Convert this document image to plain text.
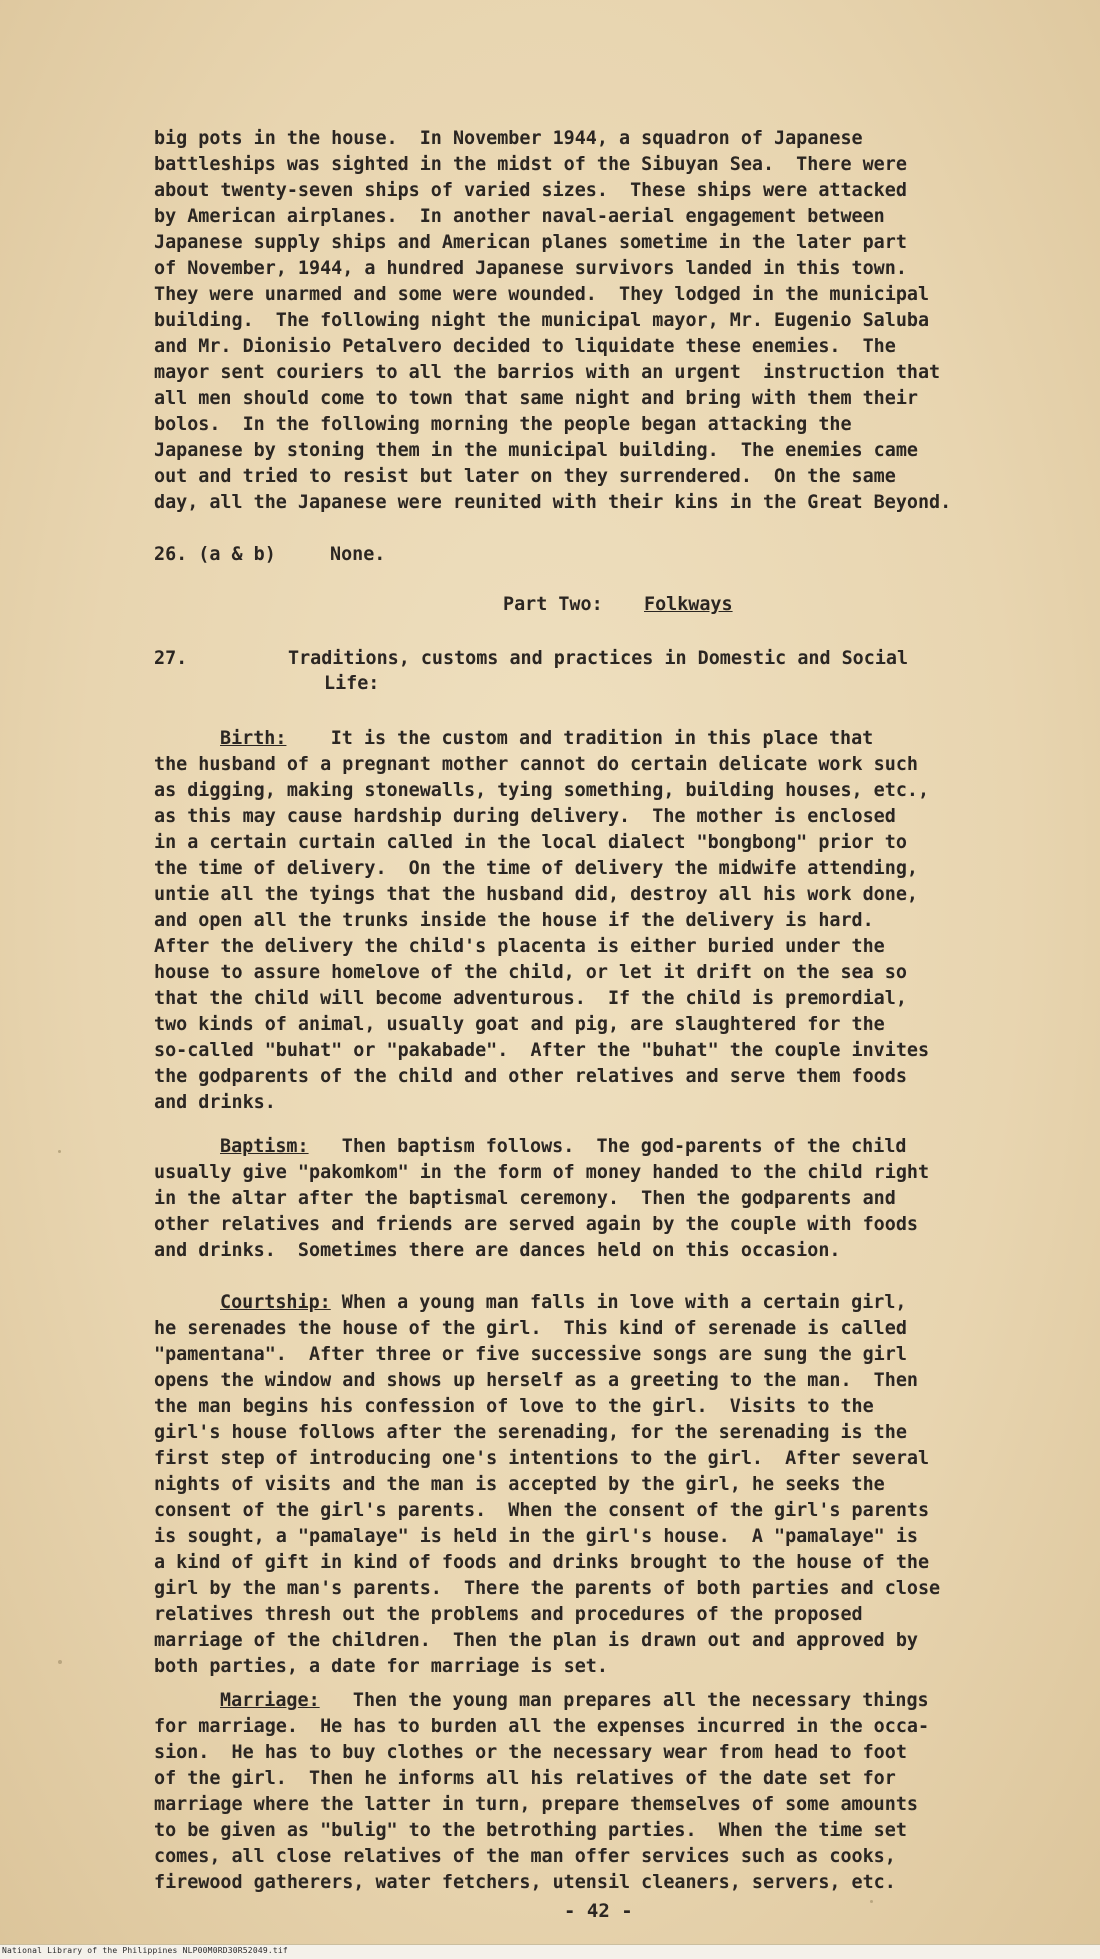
big pots in the house.  In November 1944, a squadron of Japanese

battleships was sighted in the midst of the Sibuyan Sea.  There were

about twenty-seven ships of varied sizes.  These ships were attacked

by American airplanes.  In another naval-aerial engagement between

Japanese supply ships and American planes sometime in the later part

of November, 1944, a hundred Japanese survivors landed in this town.

They were unarmed and some were wounded.  They lodged in the municipal

building.  The following night the municipal mayor, Mr. Eugenio Saluba

and Mr. Dionisio Petalvero decided to liquidate these enemies.  The

mayor sent couriers to all the barrios with an urgent  instruction that

all men should come to town that same night and bring with them their

bolos.  In the following morning the people began attacking the

Japanese by stoning them in the municipal building.  The enemies came

out and tried to resist but later on they surrendered.  On the same

day, all the Japanese were reunited with their kins in the Great Beyond.

26. (a & b)	None.
Part Two: Folkways
27.	Traditions, customs and practices in Domestic and Social
Life:

Birth:    It is the custom and tradition in this place that

the husband of a pregnant mother cannot do certain delicate work such

as digging, making stonewalls, tying something, building houses, etc.,

as this may cause hardship during delivery.  The mother is enclosed

in a certain curtain called in the local dialect "bongbong" prior to

the time of delivery.  On the time of delivery the midwife attending,

untie all the tyings that the husband did, destroy all his work done,

and open all the trunks inside the house if the delivery is hard.

After the delivery the child's placenta is either buried under the

house to assure homelove of the child, or let it drift on the sea so

that the child will become adventurous.  If the child is premordial,

two kinds of animal, usually goat and pig, are slaughtered for the

so-called "buhat" or "pakabade".  After the "buhat" the couple invites

the godparents of the child and other relatives and serve them foods

and drinks.

Baptism:   Then baptism follows.  The god-parents of the child

usually give "pakomkom" in the form of money handed to the child right

in the altar after the baptismal ceremony.  Then the godparents and

other relatives and friends are served again by the couple with foods

and drinks.  Sometimes there are dances held on this occasion.

Courtship: When a young man falls in love with a certain girl,

he serenades the house of the girl.  This kind of serenade is called

"pamentana".  After three or five successive songs are sung the girl

opens the window and shows up herself as a greeting to the man.  Then

the man begins his confession of love to the girl.  Visits to the

girl's house follows after the serenading, for the serenading is the

first step of introducing one's intentions to the girl.  After several

nights of visits and the man is accepted by the girl, he seeks the

consent of the girl's parents.  When the consent of the girl's parents

is sought, a "pamalaye" is held in the girl's house.  A "pamalaye" is

a kind of gift in kind of foods and drinks brought to the house of the

girl by the man's parents.  There the parents of both parties and close

relatives thresh out the problems and procedures of the proposed

marriage of the children.  Then the plan is drawn out and approved by

both parties, a date for marriage is set.

Marriage:   Then the young man prepares all the necessary things

for marriage.  He has to burden all the expenses incurred in the occa-

sion.  He has to buy clothes or the necessary wear from head to foot

of the girl.  Then he informs all his relatives of the date set for

marriage where the latter in turn, prepare themselves of some amounts

to be given as "bulig" to the betrothing parties.  When the time set

comes, all close relatives of the man offer services such as cooks,

firewood gatherers, water fetchers, utensil cleaners, servers, etc.

- 42 -
National Library of the Philippines NLP00M0RD30R52049.tif
